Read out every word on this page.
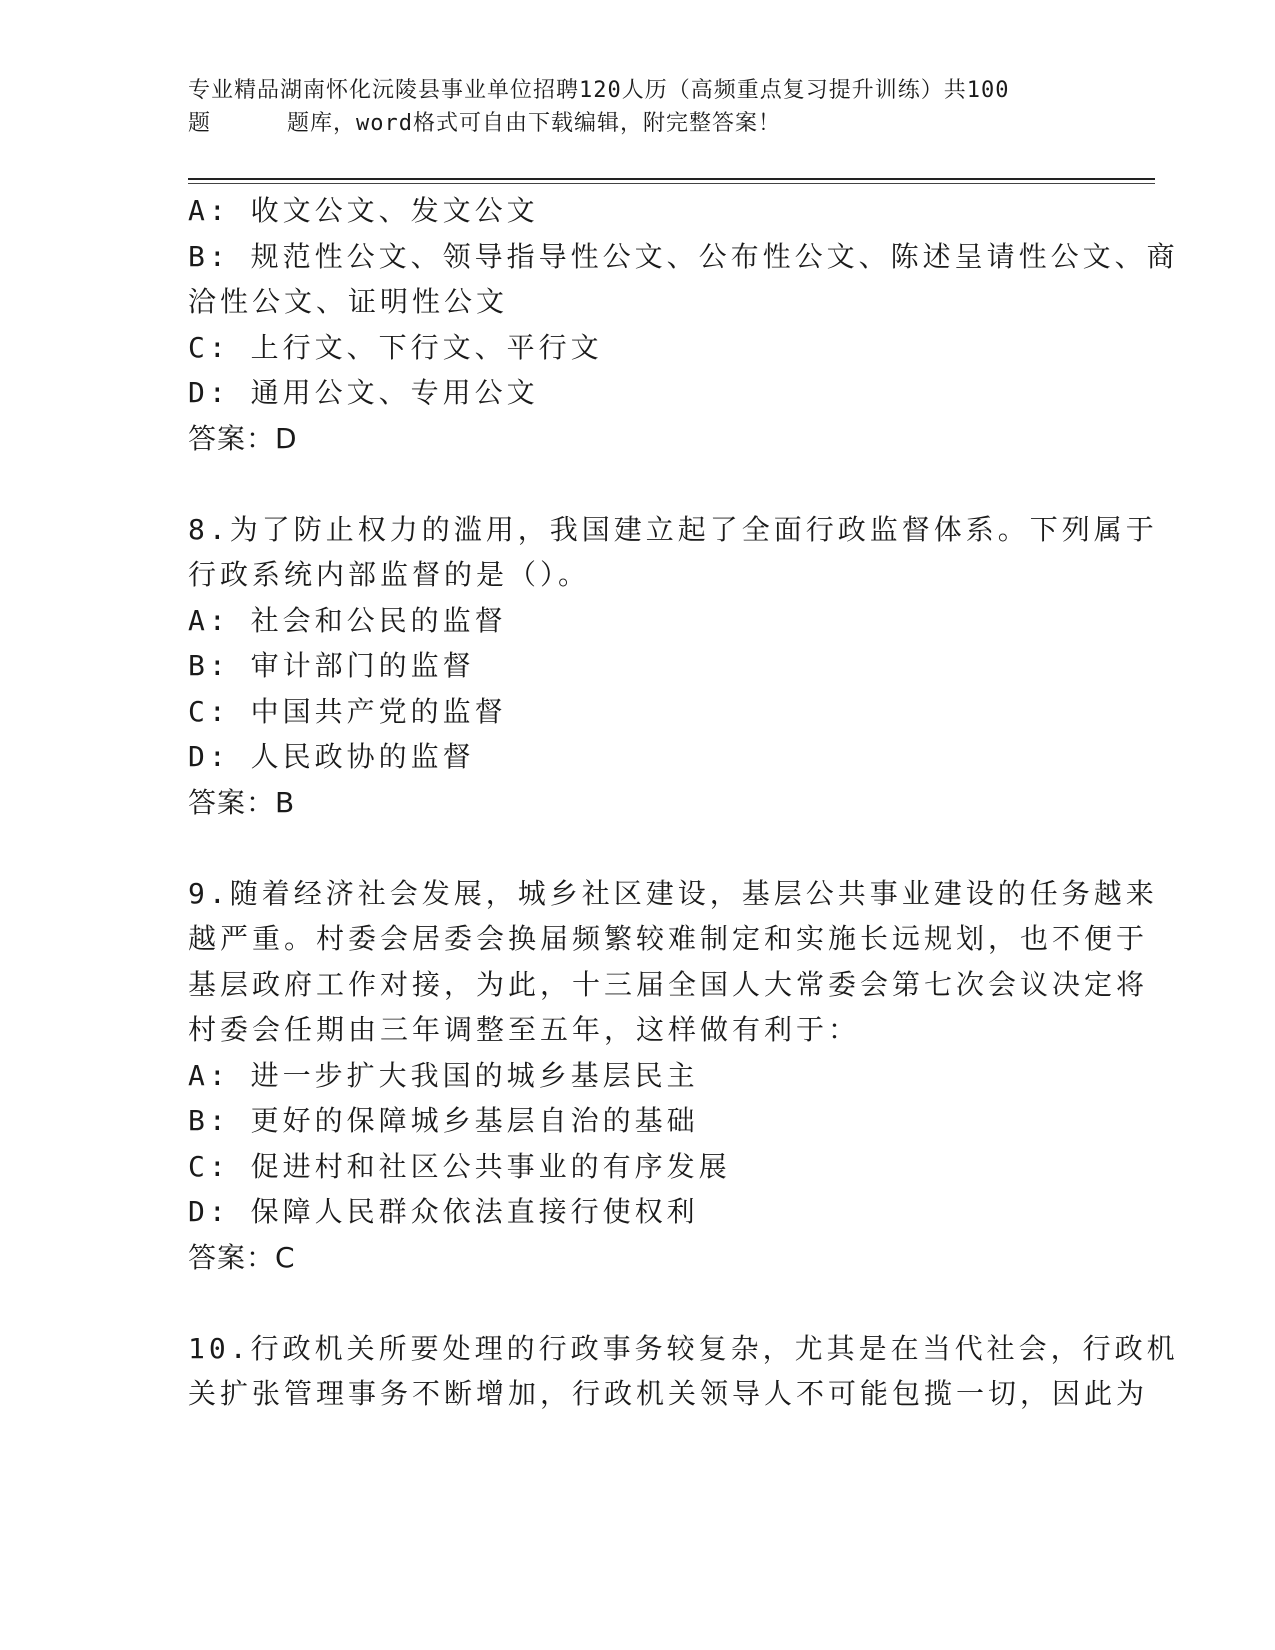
专业精品湖南怀化沅陵县事业单位招聘120人历（高频重点复习提升训练）共100
题	题库，word格式可自由下载编辑，附完整答案！
A: 收文公文、发文公文
B: 规范性公文、领导指导性公文、公布性公文、陈述呈请性公文、商
洽性公文、证明性公文
C: 上行文、下行文、平行文
D: 通用公文、专用公文
答案：D
8.为了防止权力的滥用，我国建立起了全面行政监督体系。下列属于
行政系统内部监督的是（）。
A: 社会和公民的监督
B: 审计部门的监督
C: 中国共产党的监督
D: 人民政协的监督
答案：B
9.随着经济社会发展，城乡社区建设，基层公共事业建设的任务越来
越严重。村委会居委会换届频繁较难制定和实施长远规划，也不便于
基层政府工作对接，为此，十三届全国人大常委会第七次会议决定将
村委会任期由三年调整至五年，这样做有利于：
A: 进一步扩大我国的城乡基层民主
B: 更好的保障城乡基层自治的基础
C: 促进村和社区公共事业的有序发展
D: 保障人民群众依法直接行使权利
答案：C
10.行政机关所要处理的行政事务较复杂，尤其是在当代社会，行政机
关扩张管理事务不断增加，行政机关领导人不可能包揽一切，因此为
